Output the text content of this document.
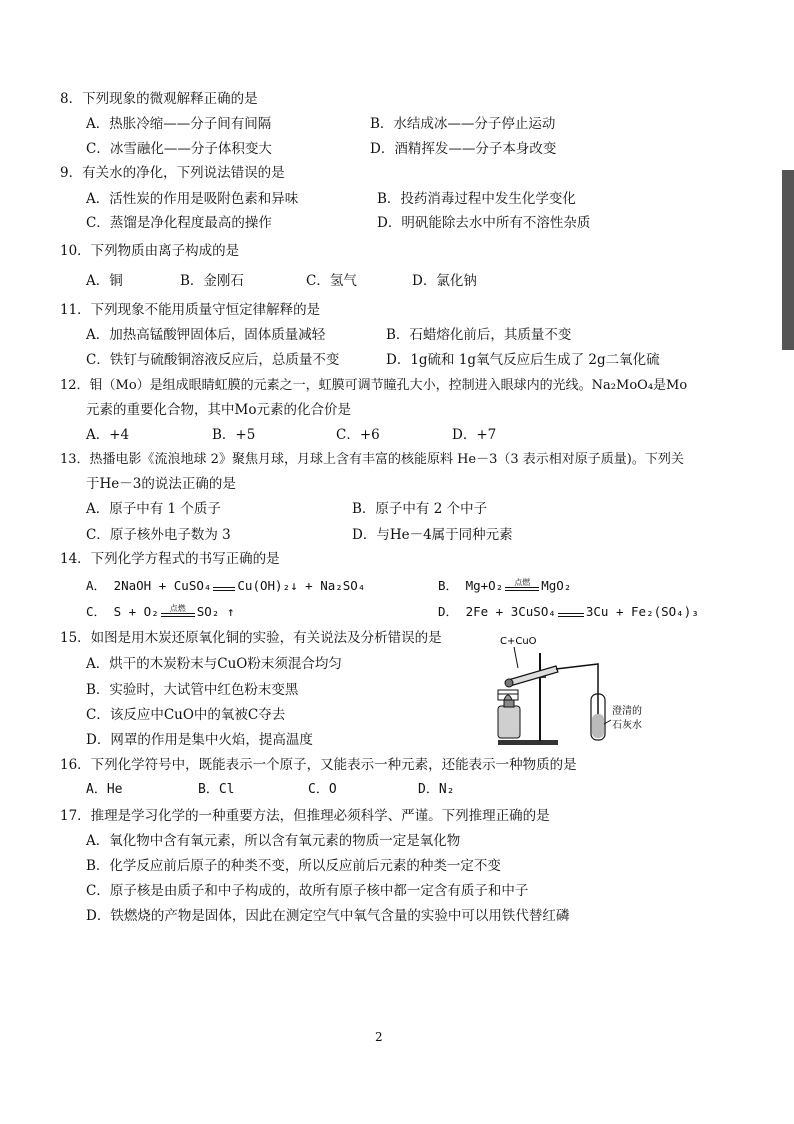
8．下列现象的微观解释正确的是
A．热胀冷缩——分子间有间隔	B．水结成冰——分子停止运动
C．冰雪融化——分子体积变大	D．酒精挥发——分子本身改变
9．有关水的净化，下列说法错误的是
A．活性炭的作用是吸附色素和异味	B．投药消毒过程中发生化学变化
C．蒸馏是净化程度最高的操作	D．明矾能除去水中所有不溶性杂质
10．下列物质由离子构成的是
A．铜	B．金刚石	C．氢气	D．氯化钠
11．下列现象不能用质量守恒定律解释的是
A．加热高锰酸钾固体后，固体质量减轻	B．石蜡熔化前后，其质量不变
C．铁钉与硫酸铜溶液反应后，总质量不变	D．1g硫和 1g氧气反应后生成了 2g二氧化硫
12．钼（Mo）是组成眼睛虹膜的元素之一，虹膜可调节瞳孔大小，控制进入眼球内的光线。Na₂MoO₄是Mo
元素的重要化合物，其中Mo元素的化合价是
A．+4	B．+5	C．+6	D．+7
13．热播电影《流浪地球 2》聚焦月球，月球上含有丰富的核能原料 He－3（3 表示相对原子质量)。下列关
于He－3的说法正确的是
A．原子中有 1 个质子	B．原子中有 2 个中子
C．原子核外电子数为 3	D．与He－4属于同种元素
14．下列化学方程式的书写正确的是
A． 2NaOH + CuSO₄ Cu(OH)₂↓ + Na₂SO₄	B． Mg+O₂	点燃 MgO₂
C． S + O₂	点燃 SO₂ ↑	D． 2Fe + 3CuSO₄ 3Cu + Fe₂(SO₄)₃
15．如图是用木炭还原氧化铜的实验，有关说法及分析错误的是
A．烘干的木炭粉末与CuO粉末须混合均匀
B．实验时，大试管中红色粉末变黑
C．该反应中CuO中的氧被C夺去
D．网罩的作用是集中火焰，提高温度
C+CuO
澄清的
石灰水
16．下列化学符号中，既能表示一个原子，又能表示一种元素，还能表示一种物质的是
A．He	B．Cl	C．O	D．N₂
17．推理是学习化学的一种重要方法，但推理必须科学、严谨。下列推理正确的是
A．氧化物中含有氧元素，所以含有氧元素的物质一定是氧化物
B．化学反应前后原子的种类不变，所以反应前后元素的种类一定不变
C．原子核是由质子和中子构成的，故所有原子核中都一定含有质子和中子
D．铁燃烧的产物是固体，因此在测定空气中氧气含量的实验中可以用铁代替红磷
2
